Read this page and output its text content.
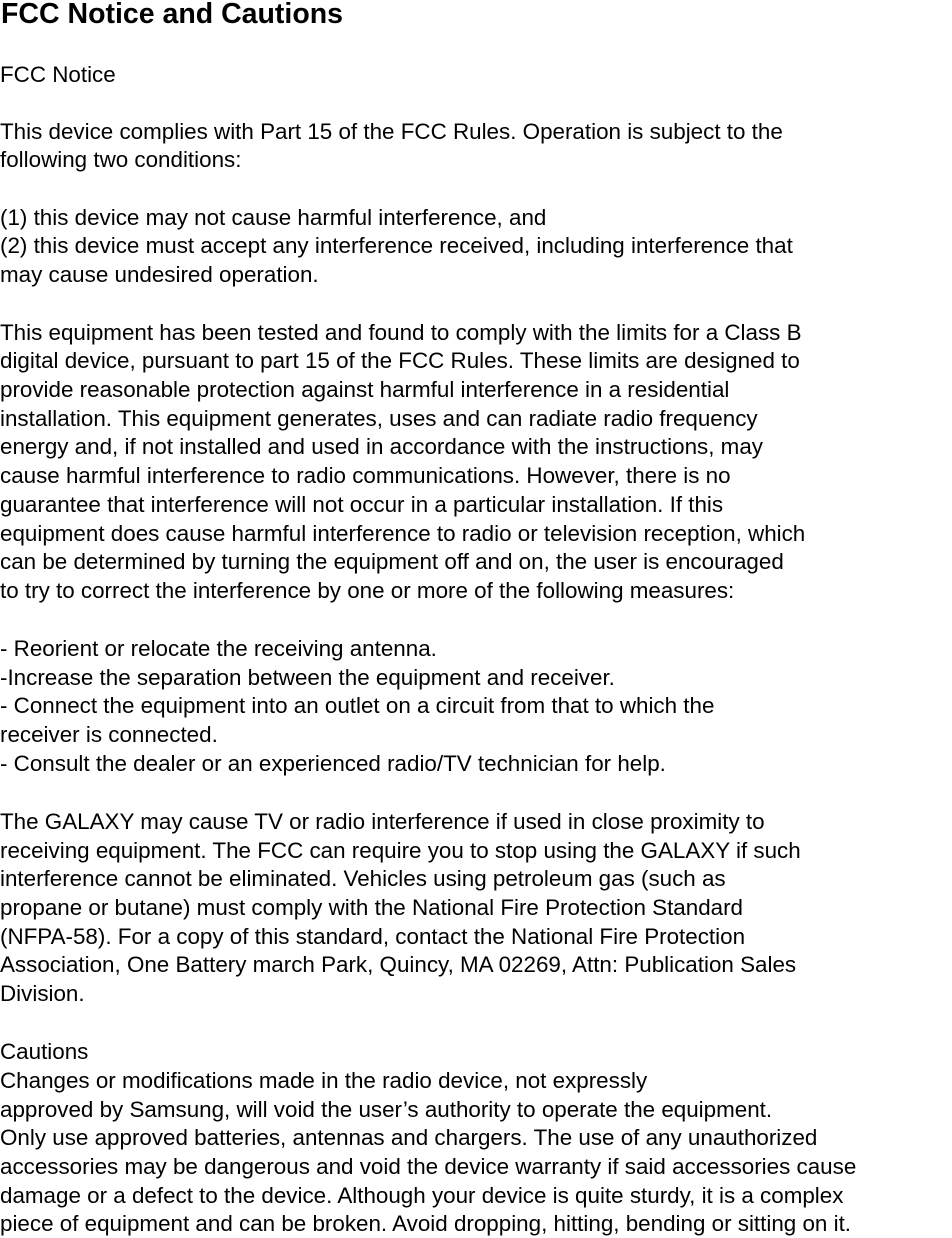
FCC Notice and Cautions

FCC Notice

This device complies with Part 15 of the FCC Rules. Operation is subject to the

following two conditions:

(1) this device may not cause harmful interference, and

(2) this device must accept any interference received, including interference that

may cause undesired operation.

This equipment has been tested and found to comply with the limits for a Class B

digital device, pursuant to part 15 of the FCC Rules. These limits are designed to

provide reasonable protection against harmful interference in a residential

installation. This equipment generates, uses and can radiate radio frequency

energy and, if not installed and used in accordance with the instructions, may

cause harmful interference to radio communications. However, there is no

guarantee that interference will not occur in a particular installation. If this

equipment does cause harmful interference to radio or television reception, which

can be determined by turning the equipment off and on, the user is encouraged

to try to correct the interference by one or more of the following measures:

- Reorient or relocate the receiving antenna.

-Increase the separation between the equipment and receiver.

- Connect the equipment into an outlet on a circuit from that to which the

receiver is connected.

- Consult the dealer or an experienced radio/TV technician for help.

The GALAXY may cause TV or radio interference if used in close proximity to

receiving equipment. The FCC can require you to stop using the GALAXY if such

interference cannot be eliminated. Vehicles using petroleum gas (such as

propane or butane) must comply with the National Fire Protection Standard

(NFPA-58). For a copy of this standard, contact the National Fire Protection

Association, One Battery march Park, Quincy, MA 02269, Attn: Publication Sales

Division.

Cautions

Changes or modifications made in the radio device, not expressly

approved by Samsung, will void the user’s authority to operate the equipment.

Only use approved batteries, antennas and chargers. The use of any unauthorized

accessories may be dangerous and void the device warranty if said accessories cause

damage or a defect to the device. Although your device is quite sturdy, it is a complex

piece of equipment and can be broken. Avoid dropping, hitting, bending or sitting on it.
